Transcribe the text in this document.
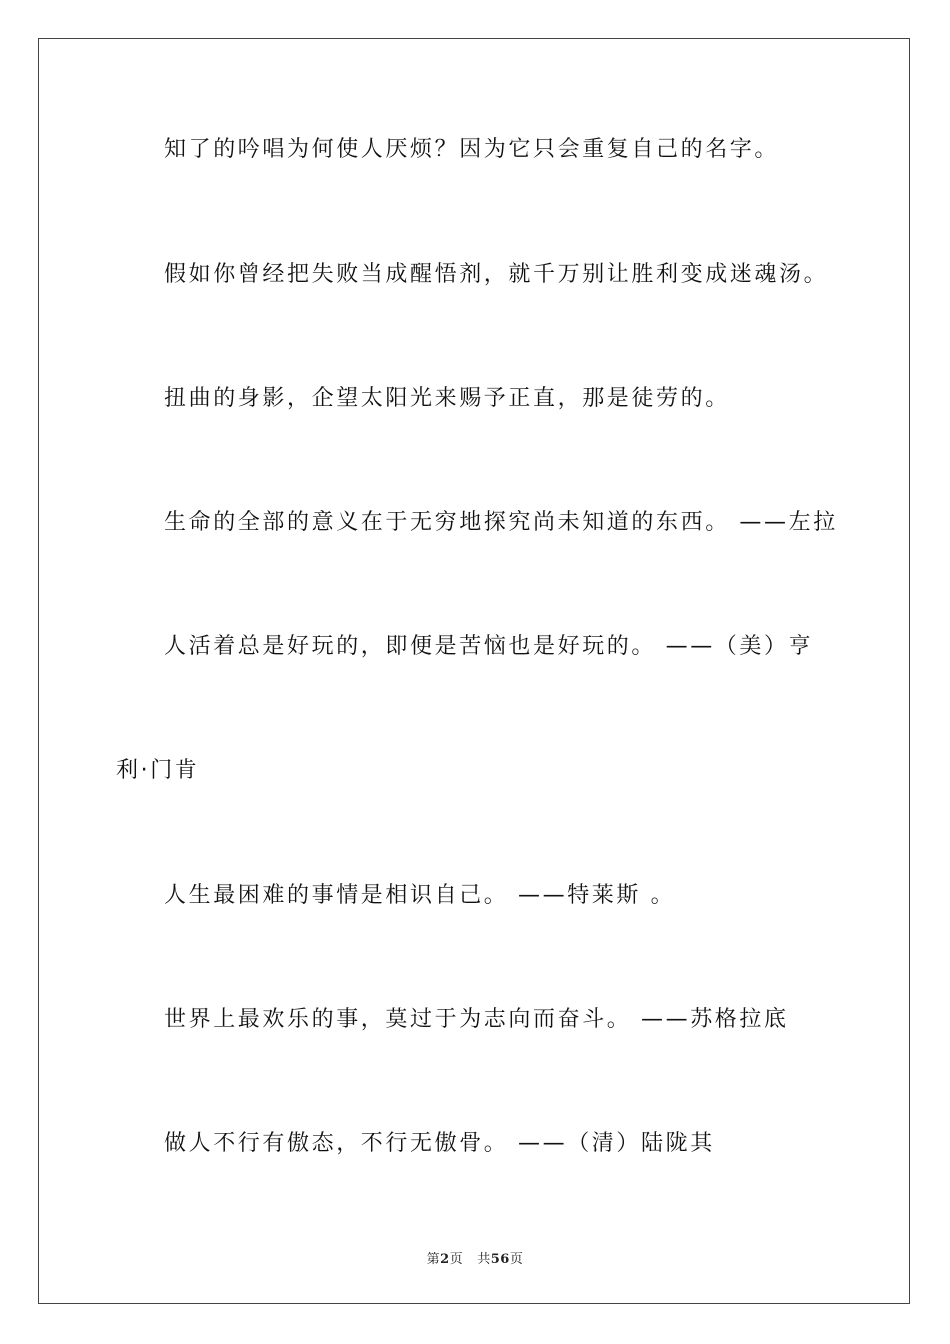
知了的吟唱为何使人厌烦？因为它只会重复自己的名字。
假如你曾经把失败当成醒悟剂，就千万别让胜利变成迷魂汤。
扭曲的身影，企望太阳光来赐予正直，那是徒劳的。
生命的全部的意义在于无穷地探究尚未知道的东西。 ——左拉
人活着总是好玩的，即便是苦恼也是好玩的。 ——（美）亨
利·门肯
人生最困难的事情是相识自己。 ——特莱斯 。
世界上最欢乐的事，莫过于为志向而奋斗。 ——苏格拉底
做人不行有傲态，不行无傲骨。 ——（清）陆陇其
第2页 共56页
